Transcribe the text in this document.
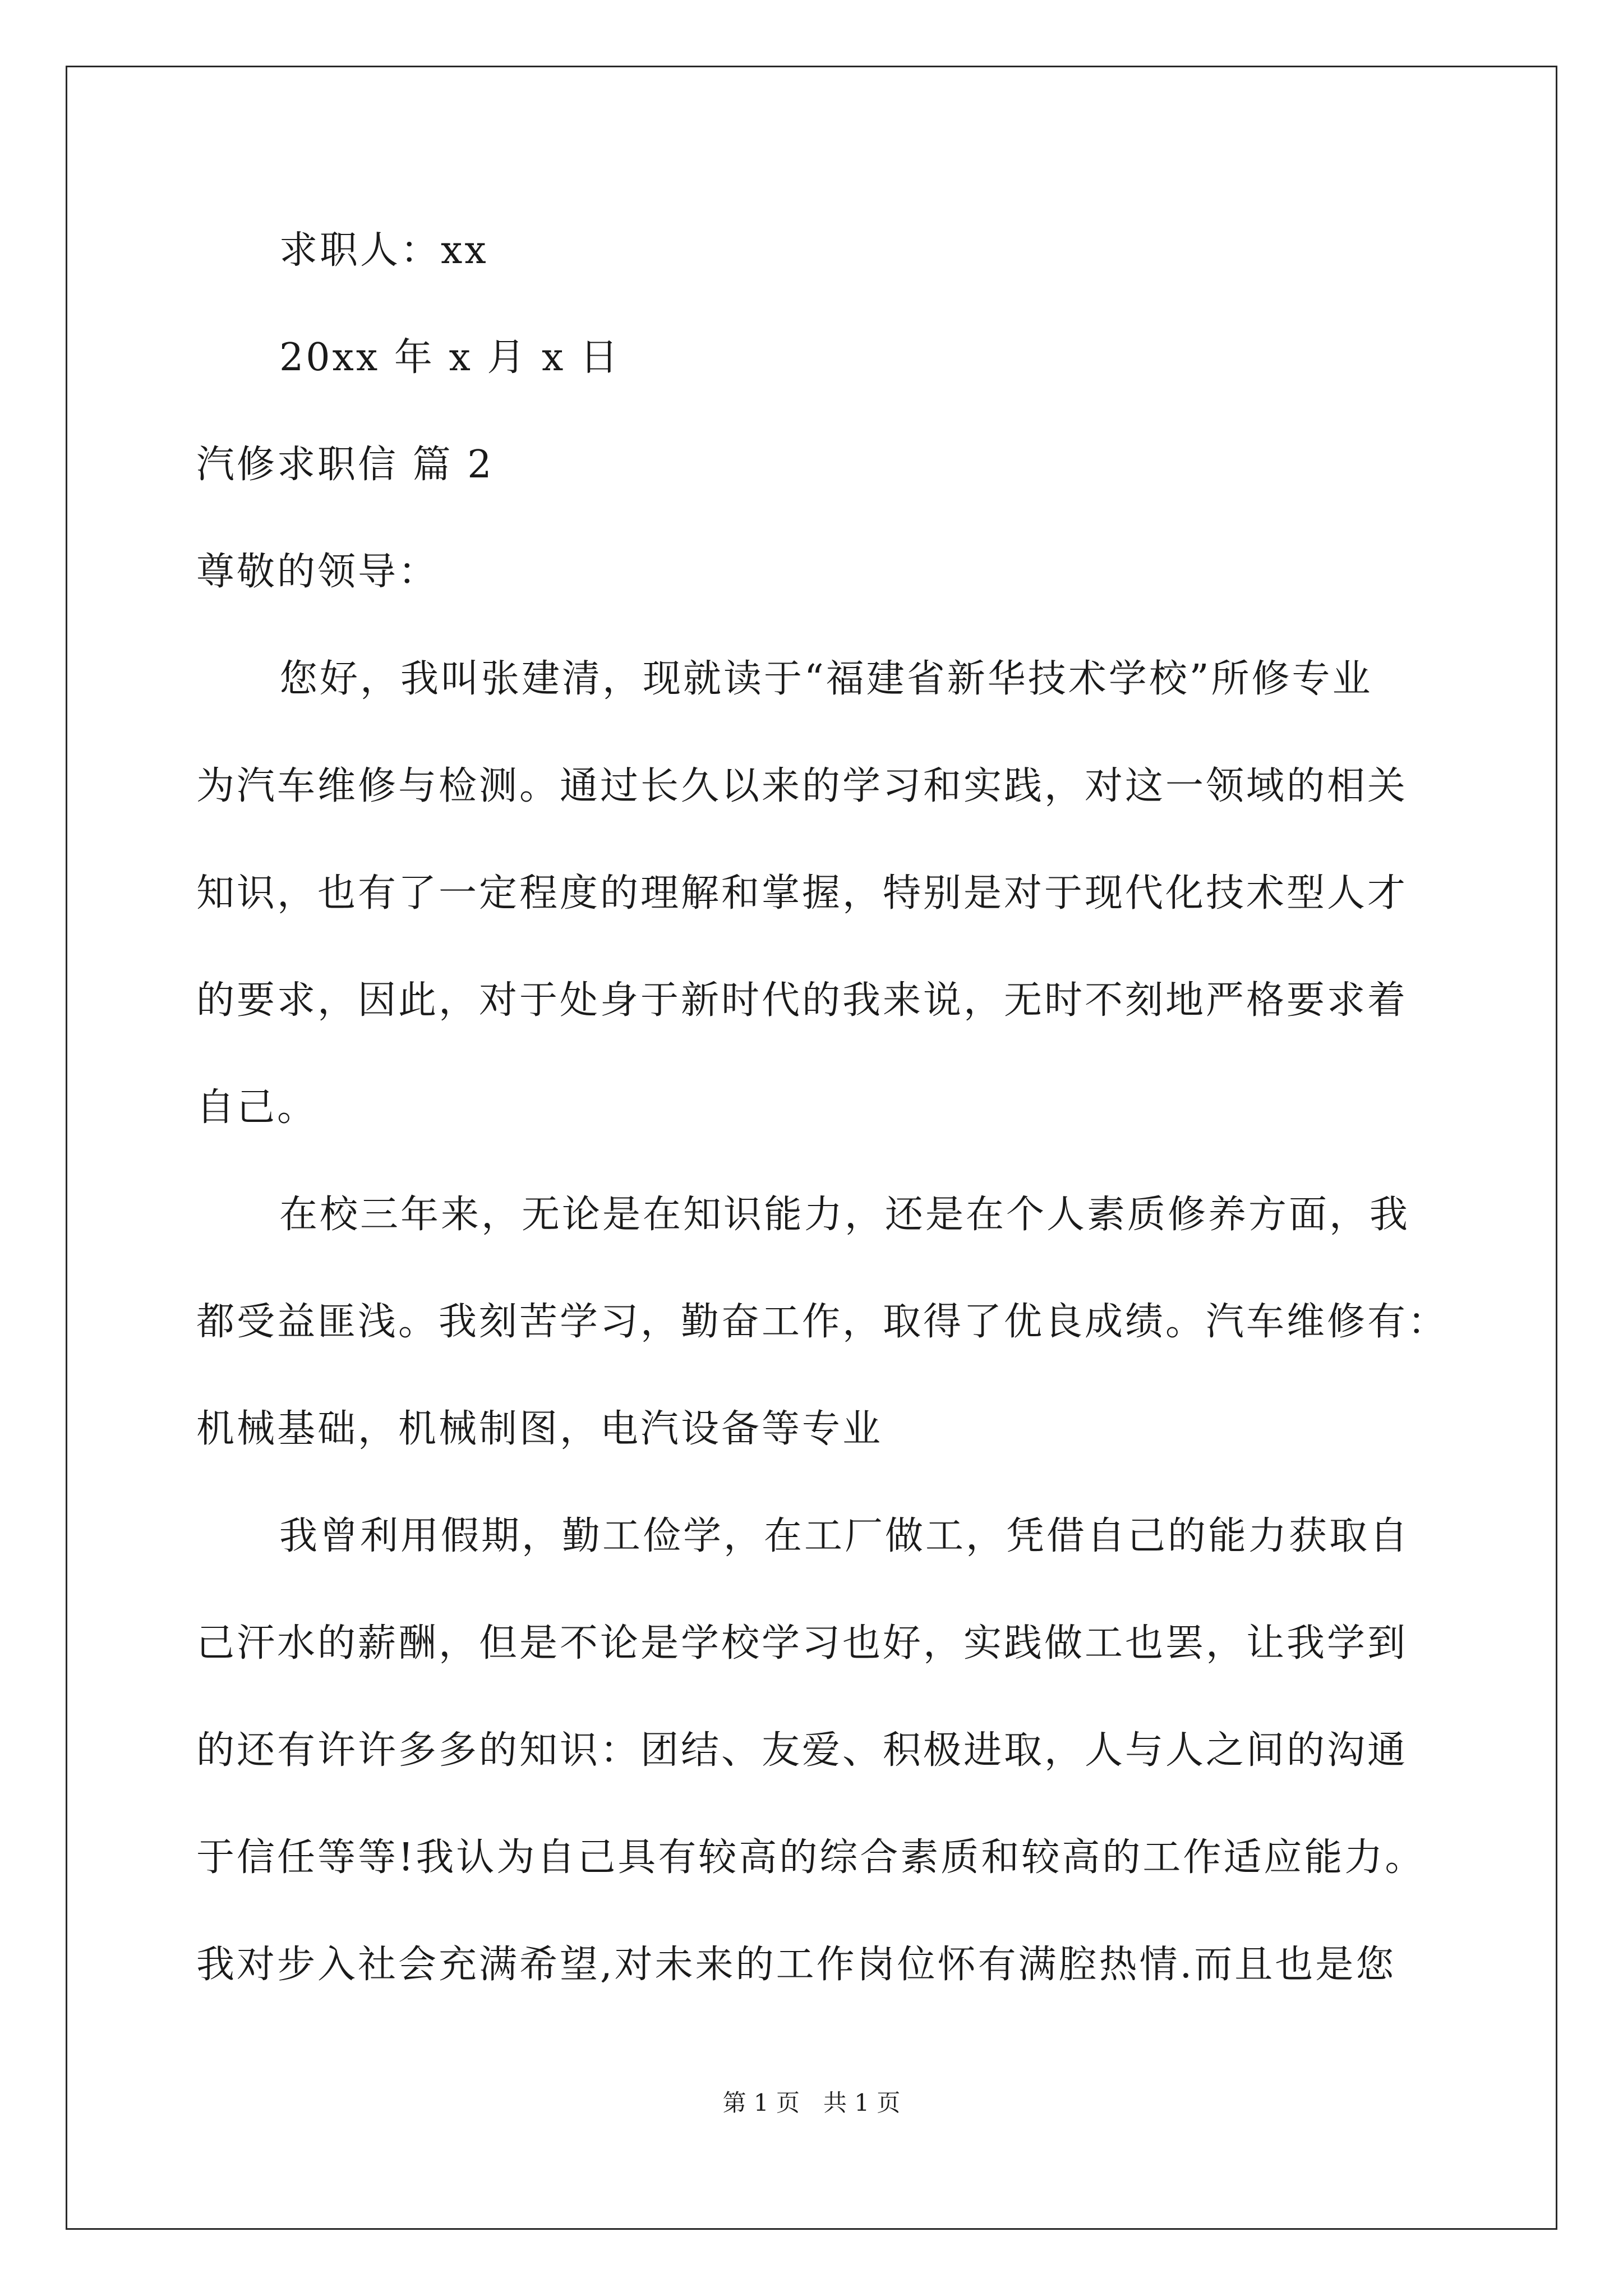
求职人：xx
20xx 年 x 月 x 日
汽修求职信 篇 2
尊敬的领导：
您好，我叫张建清，现就读于“福建省新华技术学校”所修专业
为汽车维修与检测。通过长久以来的学习和实践，对这一领域的相关
知识，也有了一定程度的理解和掌握，特别是对于现代化技术型人才
的要求，因此，对于处身于新时代的我来说，无时不刻地严格要求着
自己。
在校三年来，无论是在知识能力，还是在个人素质修养方面，我
都受益匪浅。我刻苦学习，勤奋工作，取得了优良成绩。汽车维修有：
机械基础，机械制图，电汽设备等专业
我曾利用假期，勤工俭学，在工厂做工，凭借自己的能力获取自
己汗水的薪酬，但是不论是学校学习也好，实践做工也罢，让我学到
的还有许许多多的知识：团结、友爱、积极进取，人与人之间的沟通
于信任等等!我认为自己具有较高的综合素质和较高的工作适应能力。
我对步入社会充满希望,对未来的工作岗位怀有满腔热情.而且也是您
第 1 页　共 1 页
